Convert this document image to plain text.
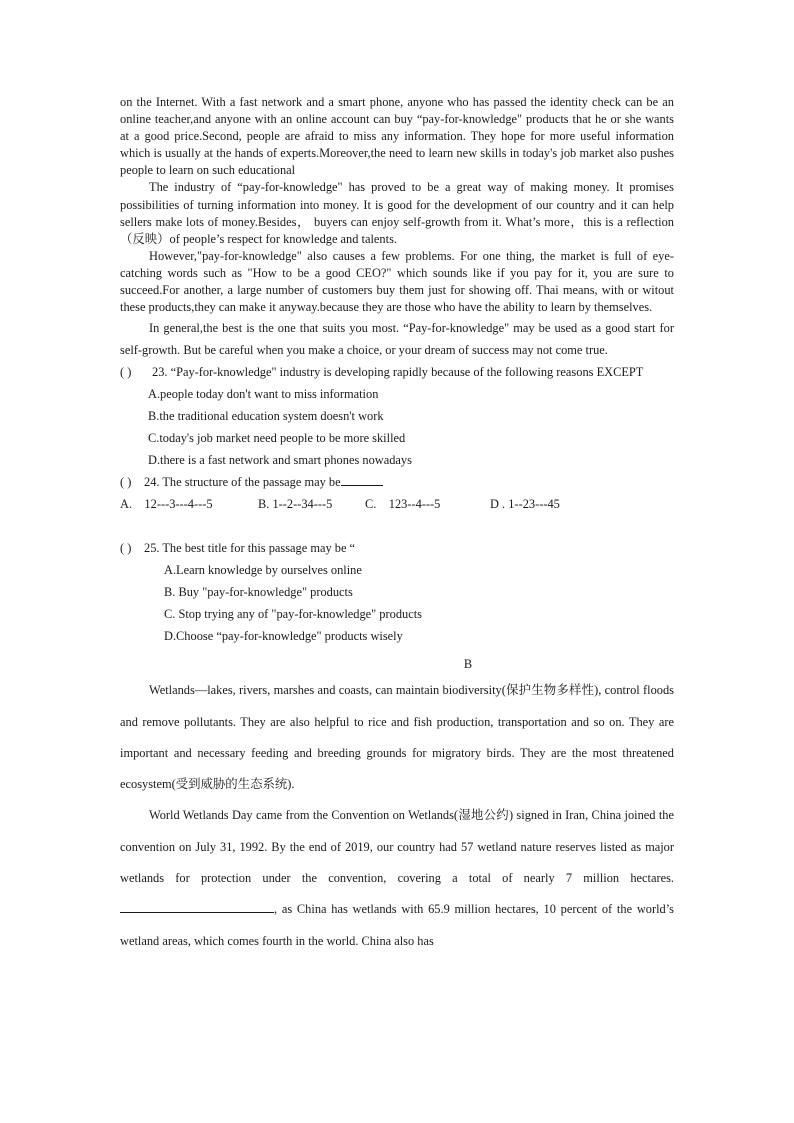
on the Internet. With a fast network and a smart phone, anyone who has passed the identity check can be an online teacher,and anyone with an online account can buy “pay-for-knowledge" products that he or she wants at a good price.Second, people are afraid to miss any information. They hope for more useful information which is usually at the hands of experts.Moreover,the need to learn new skills in today's job market also pushes people to learn on such educational

The industry of “pay-for-knowledge" has proved to be a great way of making money. It promises possibilities of turning information into money. It is good for the development of our country and it can help sellers make lots of money.Besides， buyers can enjoy self-growth from it. What’s more，this is a reflection （反映）of people’s respect for knowledge and talents.

However,"pay-for-knowledge" also causes a few problems. For one thing, the market is full of eye-catching words such as "How to be a good CEO?" which sounds like if you pay for it, you are sure to succeed.For another, a large number of customers buy them just for showing off. Thai means, with or witout these products,they can make it anyway.because they are those who have the ability to learn by themselves.

In general,the best is the one that suits you most. “Pay-for-knowledge" may be used as a good start for self-growth. But be careful when you make a choice, or your dream of success may not come true.

( ) 23. “Pay-for-knowledge" industry is developing rapidly because of the following reasons EXCEPT

A.people today don't want to miss information

B.the traditional education system doesn't work

C.today's job market need people to be more skilled

D.there is a fast network and smart phones nowadays

( ) 24. The structure of the passage may be

A.    12---3---4---5	B. 1--2--34---5	C.    123--4---5	D . 1--23---45

( ) 25. The best title for this passage may be “

A.Learn knowledge by ourselves online

B. Buy "pay-for-knowledge" products

C. Stop trying any of "pay-for-knowledge" products

D.Choose “pay-for-knowledge" products wisely

B

Wetlands—lakes, rivers, marshes and coasts, can maintain biodiversity(保护生物多样性), control floods and remove pollutants. They are also helpful to rice and fish production, transportation and so on. They are important and necessary feeding and breeding grounds for migratory birds. They are the most threatened ecosystem(受到威胁的生态系统).

World Wetlands Day came from the Convention on Wetlands(湿地公约) signed in Iran, China joined the convention on July 31, 1992. By the end of 2019, our country had 57 wetland nature reserves listed as major wetlands for protection under the convention, covering a total of nearly 7 million hectares. , as China has wetlands with 65.9 million hectares, 10 percent of the world’s wetland areas, which comes fourth in the world. China also has
